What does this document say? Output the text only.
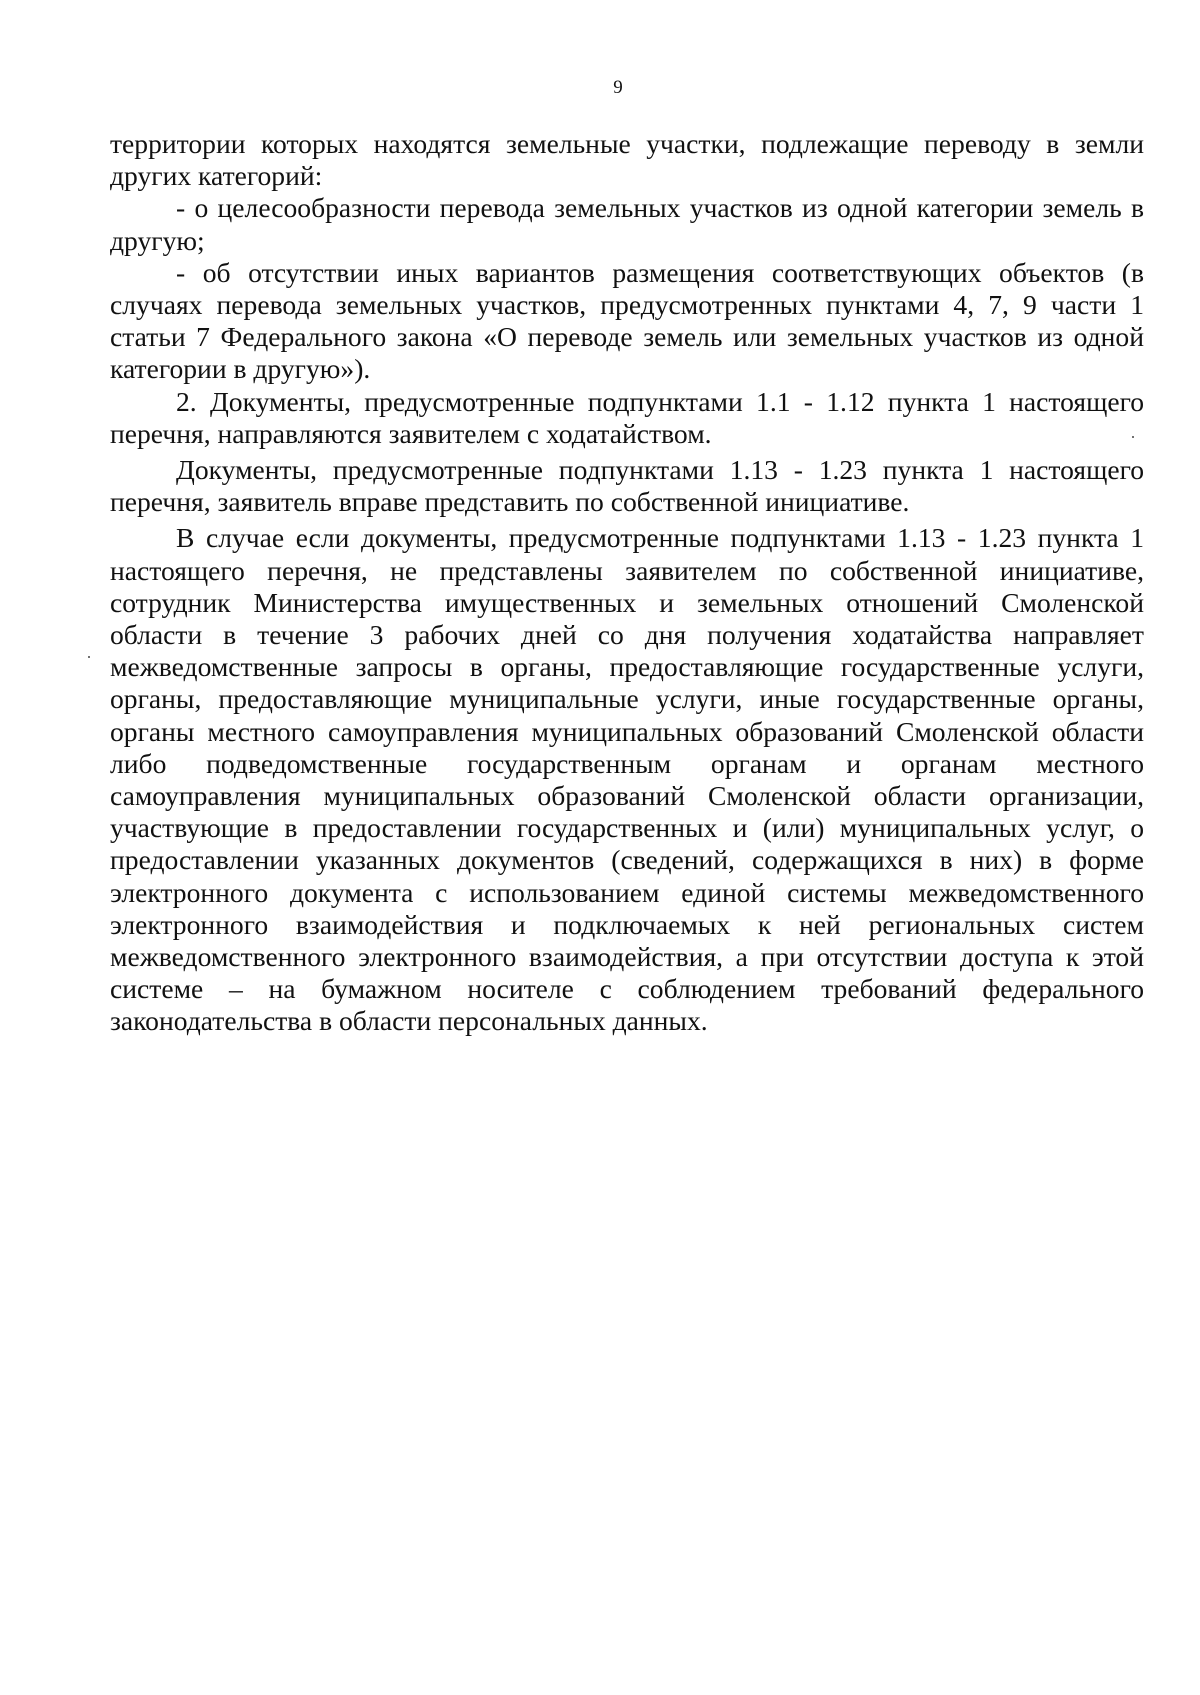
9

территории которых находятся земельные участки, подлежащие переводу в земли других категорий:

- о целесообразности перевода земельных участков из одной категории земель в другую;

- об отсутствии иных вариантов размещения соответствующих объектов (в случаях перевода земельных участков, предусмотренных пунктами 4, 7, 9 части 1 статьи 7 Федерального закона «О переводе земель или земельных участков из одной категории в другую»).

2. Документы, предусмотренные подпунктами 1.1 - 1.12 пункта 1 настоящего перечня, направляются заявителем с ходатайством.

Документы, предусмотренные подпунктами 1.13 - 1.23 пункта 1 настоящего перечня, заявитель вправе представить по собственной инициативе.

В случае если документы, предусмотренные подпунктами 1.13 - 1.23 пункта 1 настоящего перечня, не представлены заявителем по собственной инициативе, сотрудник Министерства имущественных и земельных отношений Смоленской области в течение 3 рабочих дней со дня получения ходатайства направляет межведомственные запросы в органы, предоставляющие государственные услуги, органы, предоставляющие муниципальные услуги, иные государственные органы, органы местного самоуправления муниципальных образований Смоленской области либо подведомственные государственным органам и органам местного самоуправления муниципальных образований Смоленской области организации, участвующие в предоставлении государственных и (или) муниципальных услуг, о предоставлении указанных документов (сведений, содержащихся в них) в форме электронного документа с использованием единой системы межведомственного электронного взаимодействия и подключаемых к ней региональных систем межведомственного электронного взаимодействия, а при отсутствии доступа к этой системе – на бумажном носителе с соблюдением требований федерального законодательства в области персональных данных.
